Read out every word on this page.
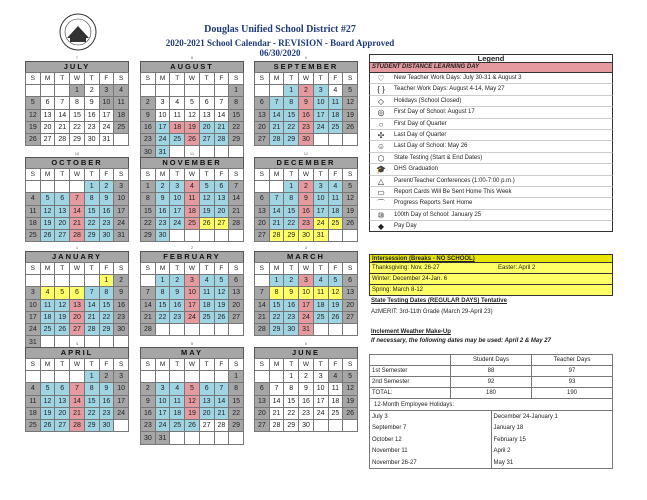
Douglas Unified School District #27
2020-2021 School Calendar - REVISION - Board Approved 06/30/2020
7
JULY
S	M	T	W	T	F	S
			1	2	3	4
5	6	7	8	9	10	11
12	13	14	15	16	17	18
19	20	21	22	23	24	25
26	27	28	29	30	31	
8
AUGUST
S	M	T	W	T	F	S
						1
2	3	4	5	6	7	8
9	10	11	12	13	14	15
16	17	18	19	20	21	22
23	24	25	26	27	28	29
30	31					
9
SEPTEMBER
S	M	T	W	T	F	S
		1	2	3	4	5
6	7	8	9	10	11	12
13	14	15	16	17	18	19
20	21	22	23	24	25	26
27	28	29	30			
10
OCTOBER
S	M	T	W	T	F	S
				1	2	3
4	5	6	7	8	9	10
11	12	13	14	15	16	17
18	19	20	21	22	23	24
25	26	27	28	29	30	31
11
NOVEMBER
S	M	T	W	T	F	S
1	2	3	4	5	6	7
8	9	10	11	12	13	14
15	16	17	18	19	20	21
22	23	24	25	26	27	28
29	30					
12
DECEMBER
S	M	T	W	T	F	S
		1	2	3	4	5
6	7	8	9	10	11	12
13	14	15	16	17	18	19
20	21	22	23	24	25	26
27	28	29	30	31		
1
JANUARY
S	M	T	W	T	F	S
					1	2
3	4	5	6	7	8	9
10	11	12	13	14	15	16
17	18	19	20	21	22	23
24	25	26	27	28	29	30
31						
2
FEBRUARY
S	M	T	W	T	F	S
	1	2	3	4	5	6
7	8	9	10	11	12	13
14	15	16	17	18	19	20
21	22	23	24	25	26	27
28						
3
MARCH
S	M	T	W	T	F	S
	1	2	3	4	5	6
7	8	9	10	11	12	13
14	15	16	17	18	19	20
21	22	23	24	25	26	27
28	29	30	31			
4
APRIL
S	M	T	W	T	F	S
				1	2	3
4	5	6	7	8	9	10
11	12	13	14	15	16	17
18	19	20	21	22	23	24
25	26	27	28	29	30	
5
MAY
S	M	T	W	T	F	S
						1
2	3	4	5	6	7	8
9	10	11	12	13	14	15
16	17	18	19	20	21	22
23	24	25	26	27	28	29
30	31					
6
JUNE
S	M	T	W	T	F	S
		1	2	3	4	5
6	7	8	9	10	11	12
13	14	15	16	17	18	19
20	21	22	23	24	25	26
27	28	29	30			
Legend
STUDENT DISTANCE LEARNING DAY
♡	New Teacher Work Days: July 30-31 & August 3
{ }	Teacher Work Days: August 4-14, May 27
◇	Holidays (School Closed)
◎	First Day of School: August 17
○	First Day of Quarter
✣	Last Day of Quarter
☺	Last Day of School: May 26
⬡	State Testing (Start & End Dates)
🎓	DHS Graduation
△	Parent/Teacher Conferences (1:00-7:00 p.m.)
▭	Report Cards Will Be Sent Home This Week
⌒	Progress Reports Sent Home
⑩	100th Day of School: January 25
◆	Pay Day
Intersession (Breaks - NO SCHOOL)
Thanksgiving: Nov. 26-27	Easter: April 2
Winter: December 24-Jan. 6
Spring: March 8-12
State Testing Dates (REGULAR DAYS) Tentative
AzMERIT: 3rd-11th Grade (March 29-April 23)
Inclement Weather Make-Up
If necessary, the following dates may be used: April 2 & May 27
	Student Days	Teacher Days
1st Semester	88	97
2nd Semester	92	93
TOTAL:	180	190
12-Month Employee Holidays:
July 3	December 24-January 1
September 7	January 18
October 12	February 15
November 11	April 2
November 26-27	May 31
